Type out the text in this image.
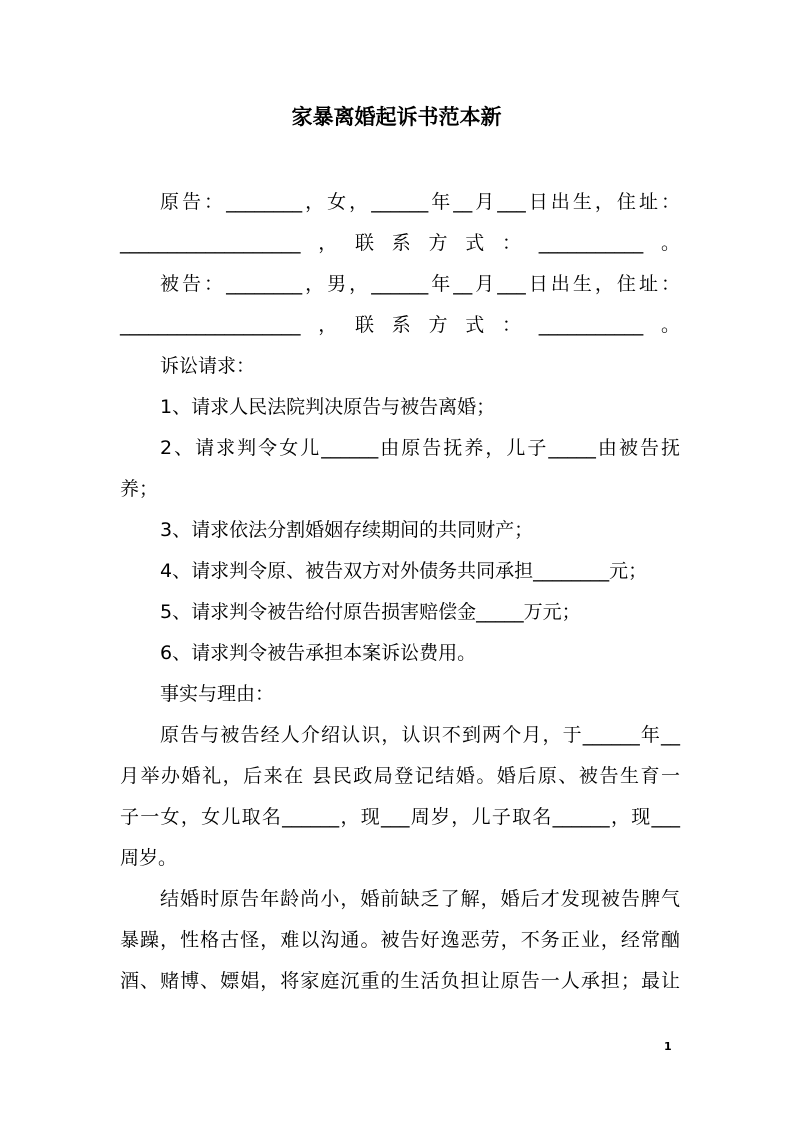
家暴离婚起诉书范本新
原告：________，女，______年__月___日出生，住址：
___________________，联系方式：___________。
被告：________，男，______年__月___日出生，住址：
___________________，联系方式：___________。
诉讼请求：
1、请求人民法院判决原告与被告离婚；
2、请求判令女儿______由原告抚养，儿子_____由被告抚
养；
3、请求依法分割婚姻存续期间的共同财产；
4、请求判令原、被告双方对外债务共同承担________元；
5、请求判令被告给付原告损害赔偿金_____万元；
6、请求判令被告承担本案诉讼费用。
事实与理由：
原告与被告经人介绍认识，认识不到两个月，于______年__
月举办婚礼，后来在 县民政局登记结婚。婚后原、被告生育一
子一女，女儿取名______，现___周岁，儿子取名______，现___
周岁。
结婚时原告年龄尚小，婚前缺乏了解，婚后才发现被告脾气
暴躁，性格古怪，难以沟通。被告好逸恶劳，不务正业，经常酗
酒、赌博、嫖娼，将家庭沉重的生活负担让原告一人承担；最让
1
